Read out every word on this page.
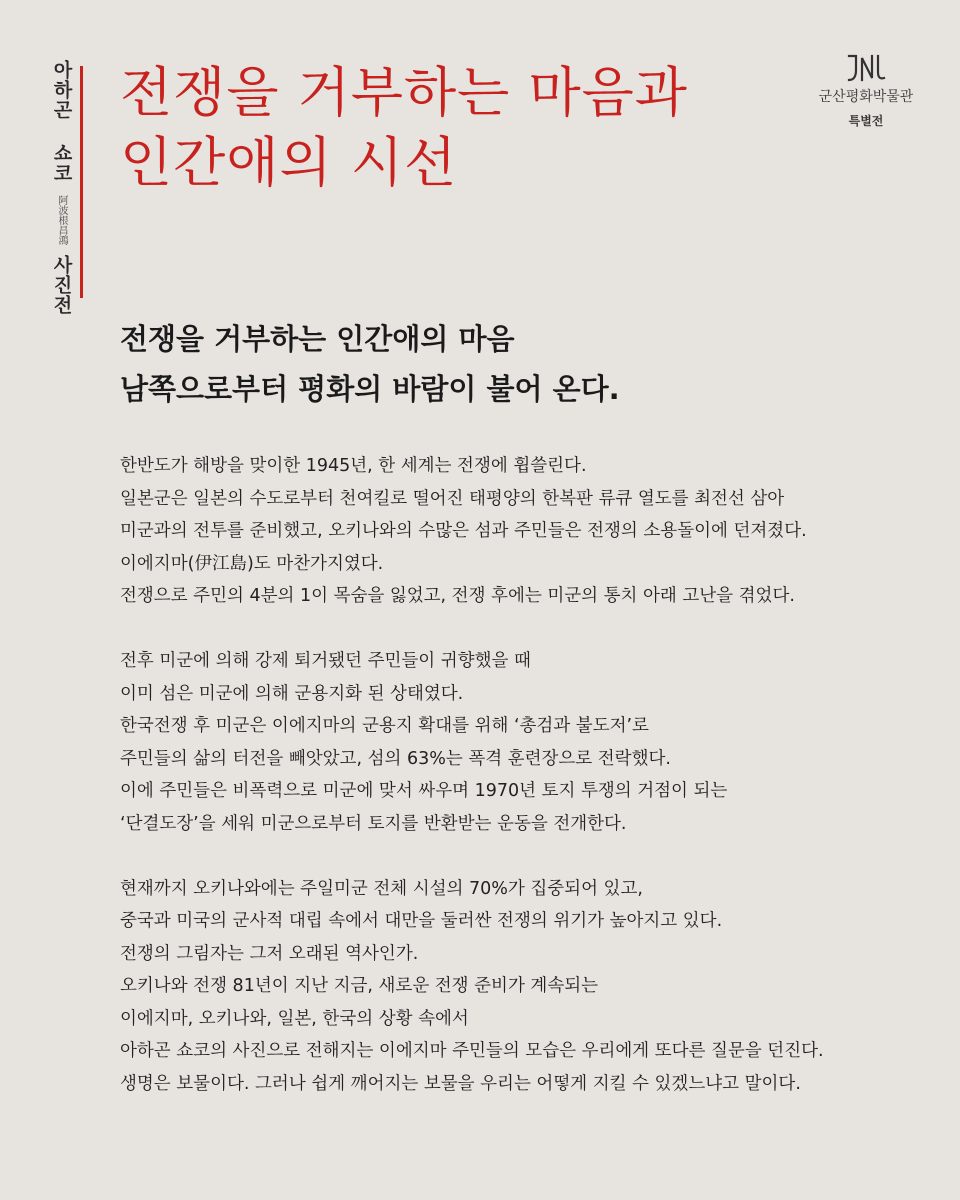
아하곤 쇼코
阿波根昌鴻
사진전
전쟁을 거부하는 마음과
인간애의 시선
군산평화박물관
특별전
전쟁을 거부하는 인간애의 마음
남쪽으로부터 평화의 바람이 불어 온다.

한반도가 해방을 맞이한 1945년, 한 세계는 전쟁에 휩쓸린다.
일본군은 일본의 수도로부터 천여킬로 떨어진 태평양의 한복판 류큐 열도를 최전선 삼아
미군과의 전투를 준비했고, 오키나와의 수많은 섬과 주민들은 전쟁의 소용돌이에 던져졌다.
이에지마(伊江島)도 마찬가지였다.
전쟁으로 주민의 4분의 1이 목숨을 잃었고, 전쟁 후에는 미군의 통치 아래 고난을 겪었다.

전후 미군에 의해 강제 퇴거됐던 주민들이 귀향했을 때
이미 섬은 미군에 의해 군용지화 된 상태였다.
한국전쟁 후 미군은 이에지마의 군용지 확대를 위해 ‘총검과 불도저’로
주민들의 삶의 터전을 빼앗았고, 섬의 63%는 폭격 훈련장으로 전락했다.
이에 주민들은 비폭력으로 미군에 맞서 싸우며 1970년 토지 투쟁의 거점이 되는
‘단결도장’을 세워 미군으로부터 토지를 반환받는 운동을 전개한다.

현재까지 오키나와에는 주일미군 전체 시설의 70%가 집중되어 있고,
중국과 미국의 군사적 대립 속에서 대만을 둘러싼 전쟁의 위기가 높아지고 있다.
전쟁의 그림자는 그저 오래된 역사인가.
오키나와 전쟁 81년이 지난 지금, 새로운 전쟁 준비가 계속되는
이에지마, 오키나와, 일본, 한국의 상황 속에서
아하곤 쇼코의 사진으로 전해지는 이에지마 주민들의 모습은 우리에게 또다른 질문을 던진다.
생명은 보물이다. 그러나 쉽게 깨어지는 보물을 우리는 어떻게 지킬 수 있겠느냐고 말이다.
